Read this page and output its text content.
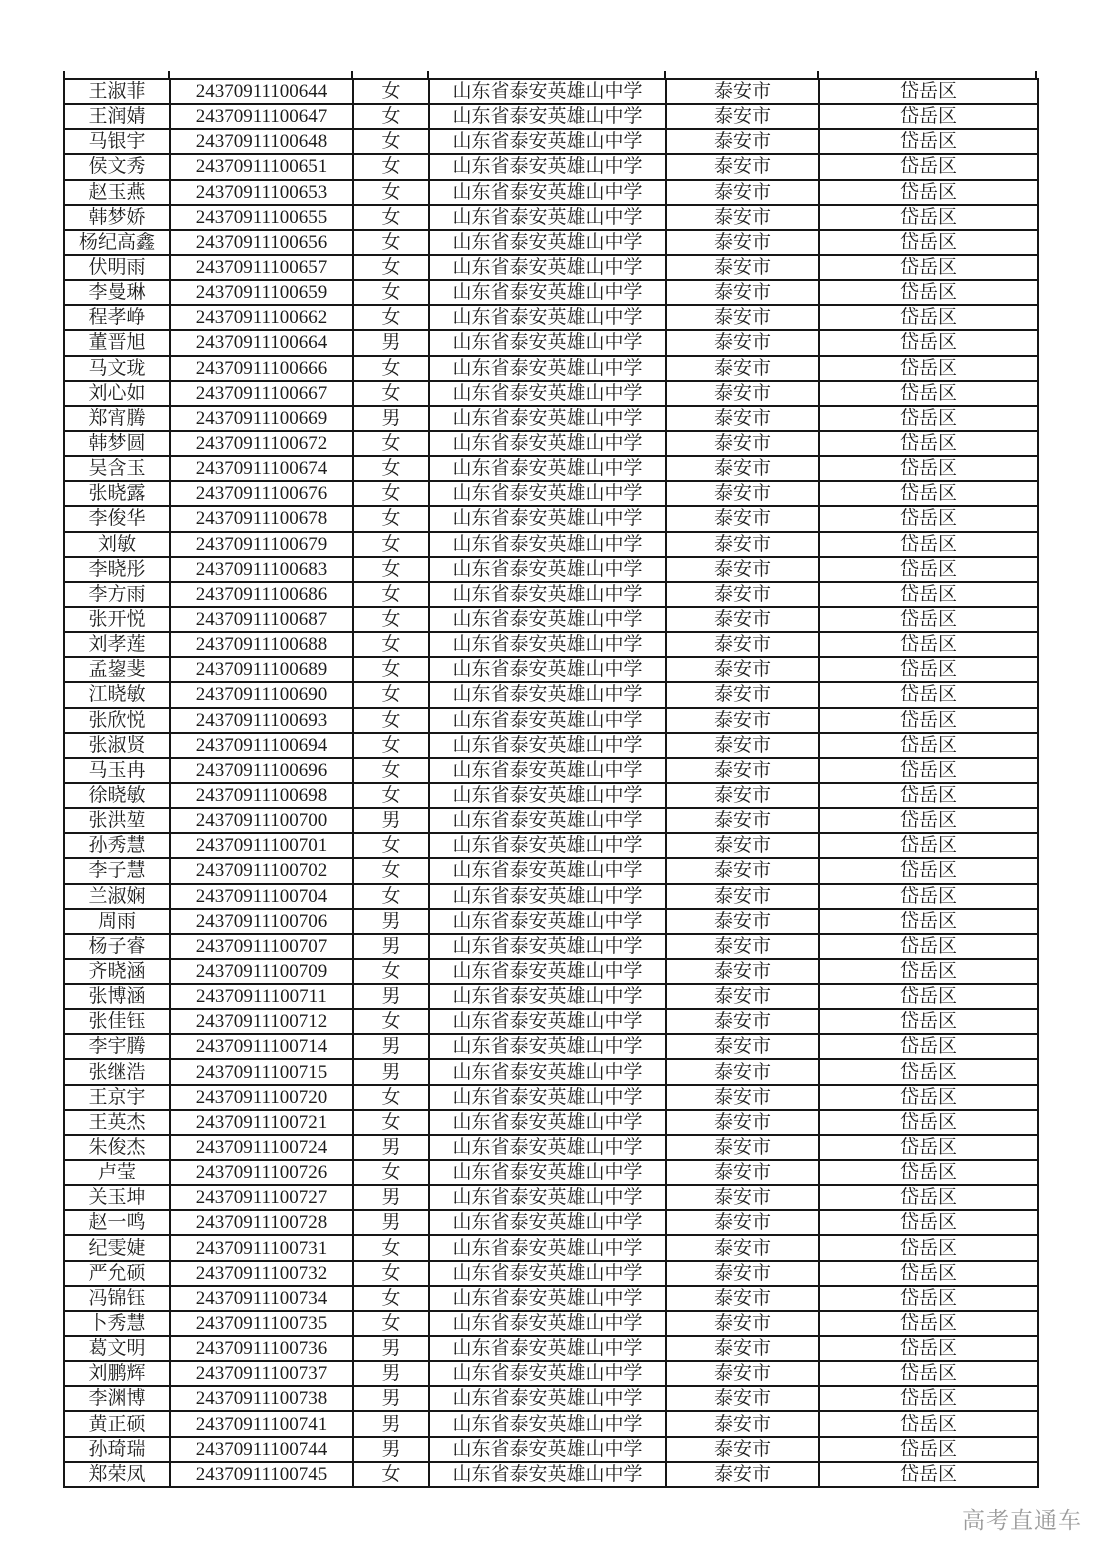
王淑菲	24370911100644	女	山东省泰安英雄山中学	泰安市	岱岳区
王润婧	24370911100647	女	山东省泰安英雄山中学	泰安市	岱岳区
马银宇	24370911100648	女	山东省泰安英雄山中学	泰安市	岱岳区
侯文秀	24370911100651	女	山东省泰安英雄山中学	泰安市	岱岳区
赵玉燕	24370911100653	女	山东省泰安英雄山中学	泰安市	岱岳区
韩梦娇	24370911100655	女	山东省泰安英雄山中学	泰安市	岱岳区
杨纪高鑫	24370911100656	女	山东省泰安英雄山中学	泰安市	岱岳区
伏明雨	24370911100657	女	山东省泰安英雄山中学	泰安市	岱岳区
李曼琳	24370911100659	女	山东省泰安英雄山中学	泰安市	岱岳区
程孝峥	24370911100662	女	山东省泰安英雄山中学	泰安市	岱岳区
董晋旭	24370911100664	男	山东省泰安英雄山中学	泰安市	岱岳区
马文珑	24370911100666	女	山东省泰安英雄山中学	泰安市	岱岳区
刘心如	24370911100667	女	山东省泰安英雄山中学	泰安市	岱岳区
郑宵腾	24370911100669	男	山东省泰安英雄山中学	泰安市	岱岳区
韩梦圆	24370911100672	女	山东省泰安英雄山中学	泰安市	岱岳区
吴含玉	24370911100674	女	山东省泰安英雄山中学	泰安市	岱岳区
张晓露	24370911100676	女	山东省泰安英雄山中学	泰安市	岱岳区
李俊华	24370911100678	女	山东省泰安英雄山中学	泰安市	岱岳区
刘敏	24370911100679	女	山东省泰安英雄山中学	泰安市	岱岳区
李晓彤	24370911100683	女	山东省泰安英雄山中学	泰安市	岱岳区
李方雨	24370911100686	女	山东省泰安英雄山中学	泰安市	岱岳区
张开悦	24370911100687	女	山东省泰安英雄山中学	泰安市	岱岳区
刘孝莲	24370911100688	女	山东省泰安英雄山中学	泰安市	岱岳区
孟鋆斐	24370911100689	女	山东省泰安英雄山中学	泰安市	岱岳区
江晓敏	24370911100690	女	山东省泰安英雄山中学	泰安市	岱岳区
张欣悦	24370911100693	女	山东省泰安英雄山中学	泰安市	岱岳区
张淑贤	24370911100694	女	山东省泰安英雄山中学	泰安市	岱岳区
马玉冉	24370911100696	女	山东省泰安英雄山中学	泰安市	岱岳区
徐晓敏	24370911100698	女	山东省泰安英雄山中学	泰安市	岱岳区
张洪堃	24370911100700	男	山东省泰安英雄山中学	泰安市	岱岳区
孙秀慧	24370911100701	女	山东省泰安英雄山中学	泰安市	岱岳区
李子慧	24370911100702	女	山东省泰安英雄山中学	泰安市	岱岳区
兰淑娴	24370911100704	女	山东省泰安英雄山中学	泰安市	岱岳区
周雨	24370911100706	男	山东省泰安英雄山中学	泰安市	岱岳区
杨子睿	24370911100707	男	山东省泰安英雄山中学	泰安市	岱岳区
齐晓涵	24370911100709	女	山东省泰安英雄山中学	泰安市	岱岳区
张博涵	24370911100711	男	山东省泰安英雄山中学	泰安市	岱岳区
张佳钰	24370911100712	女	山东省泰安英雄山中学	泰安市	岱岳区
李宇腾	24370911100714	男	山东省泰安英雄山中学	泰安市	岱岳区
张继浩	24370911100715	男	山东省泰安英雄山中学	泰安市	岱岳区
王京宇	24370911100720	女	山东省泰安英雄山中学	泰安市	岱岳区
王英杰	24370911100721	女	山东省泰安英雄山中学	泰安市	岱岳区
朱俊杰	24370911100724	男	山东省泰安英雄山中学	泰安市	岱岳区
卢莹	24370911100726	女	山东省泰安英雄山中学	泰安市	岱岳区
关玉坤	24370911100727	男	山东省泰安英雄山中学	泰安市	岱岳区
赵一鸣	24370911100728	男	山东省泰安英雄山中学	泰安市	岱岳区
纪雯婕	24370911100731	女	山东省泰安英雄山中学	泰安市	岱岳区
严允硕	24370911100732	女	山东省泰安英雄山中学	泰安市	岱岳区
冯锦钰	24370911100734	女	山东省泰安英雄山中学	泰安市	岱岳区
卜秀慧	24370911100735	女	山东省泰安英雄山中学	泰安市	岱岳区
葛文明	24370911100736	男	山东省泰安英雄山中学	泰安市	岱岳区
刘鹏辉	24370911100737	男	山东省泰安英雄山中学	泰安市	岱岳区
李渊博	24370911100738	男	山东省泰安英雄山中学	泰安市	岱岳区
黄正硕	24370911100741	男	山东省泰安英雄山中学	泰安市	岱岳区
孙琦瑞	24370911100744	男	山东省泰安英雄山中学	泰安市	岱岳区
郑荣凤	24370911100745	女	山东省泰安英雄山中学	泰安市	岱岳区
高考直通车
